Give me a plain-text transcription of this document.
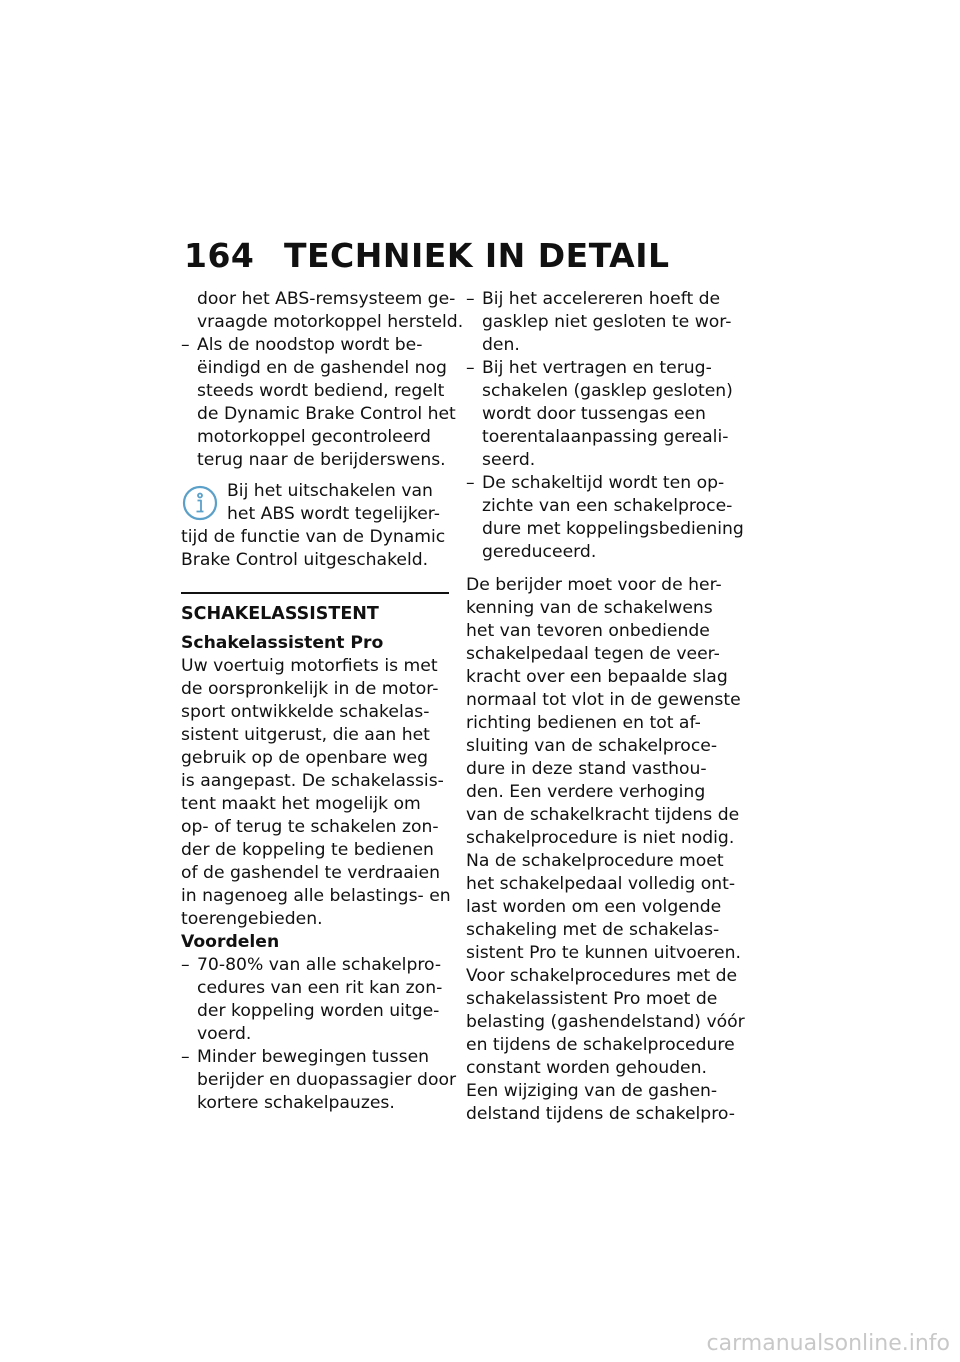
164 TECHNIEK IN DETAIL

door het ABS-remsysteem ge-

vraagde motorkoppel hersteld.

– Als de noodstop wordt be-

ëindigd en de gashendel nog

steeds wordt bediend, regelt

de Dynamic Brake Control het

motorkoppel gecontroleerd

terug naar de berijderswens.

Bij het uitschakelen van

het ABS wordt tegelijker-

tijd de functie van de Dynamic

Brake Control uitgeschakeld.

SCHAKELASSISTENT

Schakelassistent Pro

Uw voertuig motorfiets is met

de oorspronkelijk in de motor-

sport ontwikkelde schakelas-

sistent uitgerust, die aan het

gebruik op de openbare weg

is aangepast. De schakelassis-

tent maakt het mogelijk om

op- of terug te schakelen zon-

der de koppeling te bedienen

of de gashendel te verdraaien

in nagenoeg alle belastings- en

toerengebieden.

Voordelen

– 70-80% van alle schakelpro-

cedures van een rit kan zon-

der koppeling worden uitge-

voerd.

– Minder bewegingen tussen

berijder en duopassagier door

kortere schakelpauzes.

– Bij het accelereren hoeft de

gasklep niet gesloten te wor-

den.

– Bij het vertragen en terug-

schakelen (gasklep gesloten)

wordt door tussengas een

toerentalaanpassing gereali-

seerd.

– De schakeltijd wordt ten op-

zichte van een schakelproce-

dure met koppelingsbediening

gereduceerd.

De berijder moet voor de her-

kenning van de schakelwens

het van tevoren onbediende

schakelpedaal tegen de veer-

kracht over een bepaalde slag

normaal tot vlot in de gewenste

richting bedienen en tot af-

sluiting van de schakelproce-

dure in deze stand vasthou-

den. Een verdere verhoging

van de schakelkracht tijdens de

schakelprocedure is niet nodig.

Na de schakelprocedure moet

het schakelpedaal volledig ont-

last worden om een volgende

schakeling met de schakelas-

sistent Pro te kunnen uitvoeren.

Voor schakelprocedures met de

schakelassistent Pro moet de

belasting (gashendelstand) vóór

en tijdens de schakelprocedure

constant worden gehouden.

Een wijziging van de gashen-

delstand tijdens de schakelpro-

carmanualsonline.info
